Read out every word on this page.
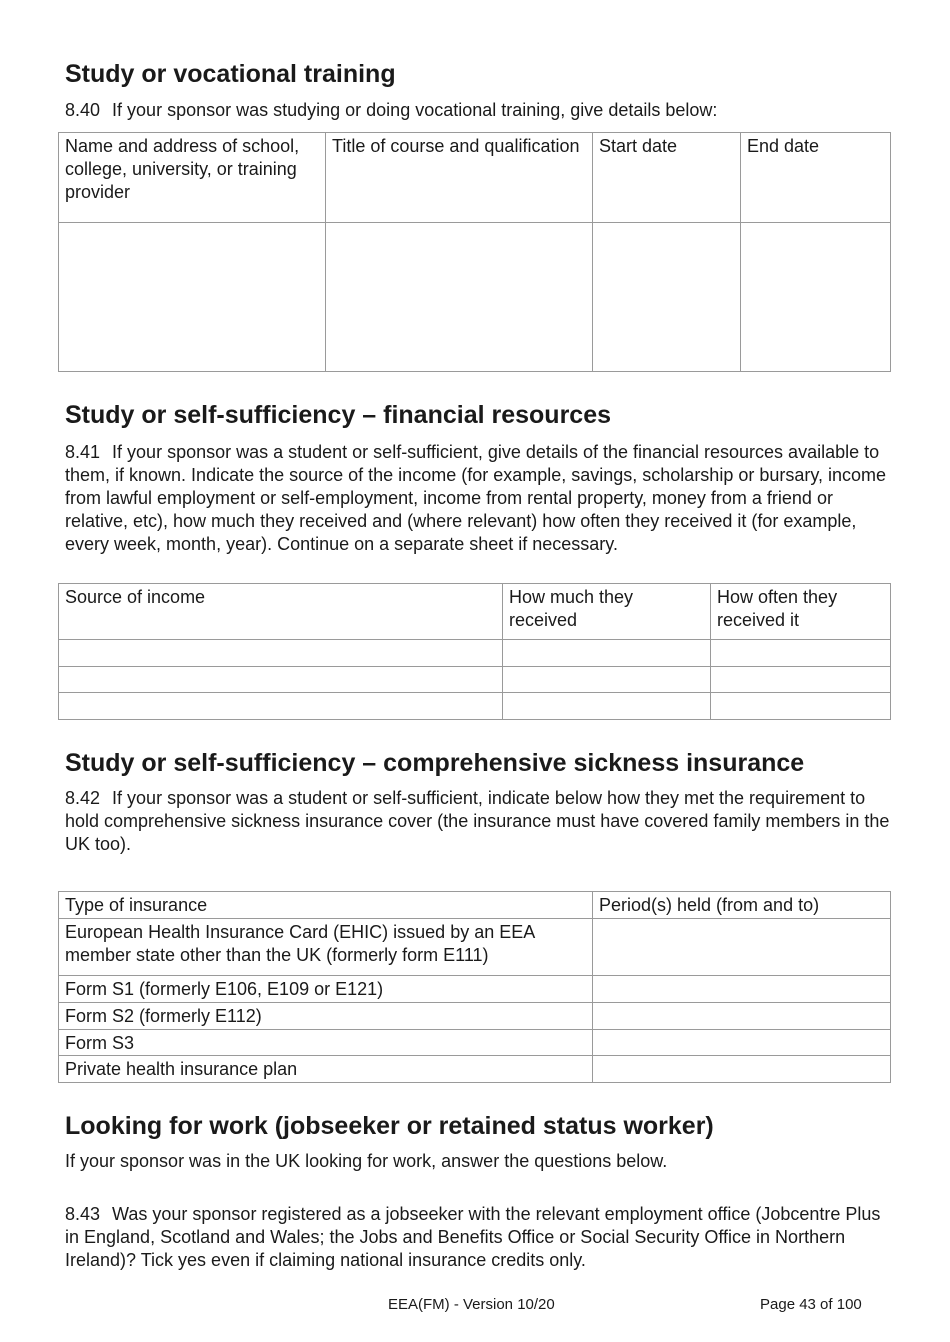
Study or vocational training

8.40 If your sponsor was studying or doing vocational training, give details below:

Name and address of school, college, university, or training provider	Title of course and qualification	Start date	End date

Study or self-sufficiency – financial resources

8.41 If your sponsor was a student or self-sufficient, give details of the financial resources available to them, if known. Indicate the source of the income (for example, savings, scholarship or bursary, income from lawful employment or self-employment, income from rental property, money from a friend or relative, etc), how much they received and (where relevant) how often they received it (for example, every week, month, year). Continue on a separate sheet if necessary.

Source of income	How much they received	How often they received it

Study or self-sufficiency – comprehensive sickness insurance

8.42 If your sponsor was a student or self-sufficient, indicate below how they met the requirement to hold comprehensive sickness insurance cover (the insurance must have covered family members in the UK too).

Type of insurance	Period(s) held (from and to)
European Health Insurance Card (EHIC) issued by an EEA member state other than the UK (formerly form E111)	
Form S1 (formerly E106, E109 or E121)	
Form S2 (formerly E112)	
Form S3	
Private health insurance plan	
Looking for work (jobseeker or retained status worker)

If your sponsor was in the UK looking for work, answer the questions below.

8.43 Was your sponsor registered as a jobseeker with the relevant employment office (Jobcentre Plus in England, Scotland and Wales; the Jobs and Benefits Office or Social Security Office in Northern Ireland)? Tick yes even if claiming national insurance credits only.

EEA(FM) - Version 10/20	Page 43 of 100
